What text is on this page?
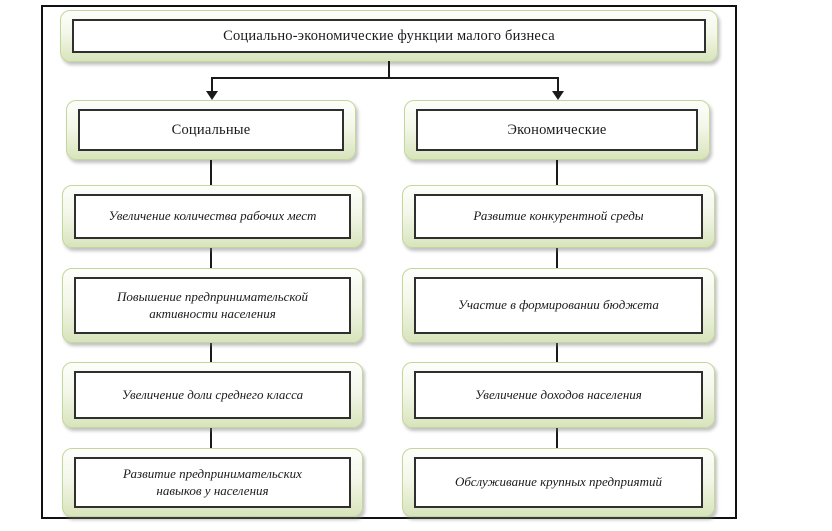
Социально-экономические функции малого бизнеса
Социальные	Экономические
Увеличение количества рабочих мест
Повышение предпринимательской активности населения
Увеличение доли среднего класса
Развитие предпринимательских навыков у населения
Развитие конкурентной среды
Участие в формировании бюджета
Увеличение доходов населения
Обслуживание крупных предприятий
